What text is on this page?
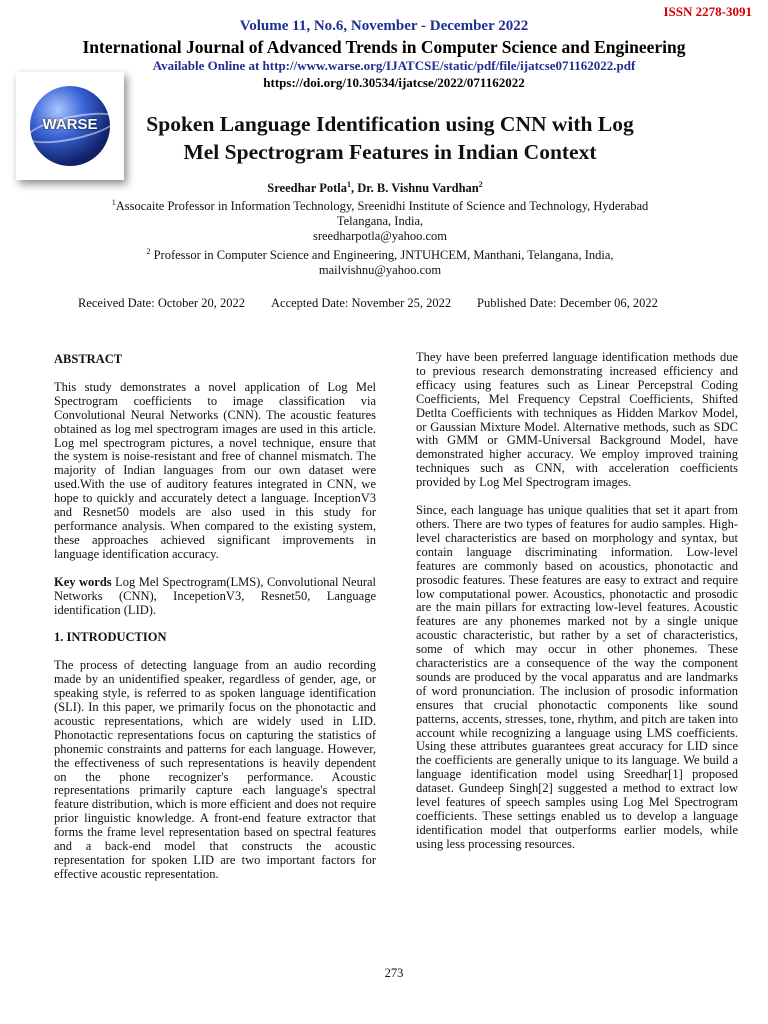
ISSN 2278-3091
Volume 11, No.6, November - December 2022
International Journal of Advanced Trends in Computer Science and Engineering
Available Online at http://www.warse.org/IJATCSE/static/pdf/file/ijatcse071162022.pdf
https://doi.org/10.30534/ijatcse/2022/071162022
WARSE	Spoken Language Identification using CNN with Log
Mel Spectrogram Features in Indian Context
Sreedhar Potla$^1$, Dr. B. Vishnu Vardhan$^2$
$^1$Assocaite Professor in Information Technology, Sreenidhi Institute of Science and Technology, Hyderabad
Telangana, India,
sreedharpotla@yahoo.com
$^2$ Professor in Computer Science and Engineering, JNTUHCEM, Manthani, Telangana, India,
mailvishnu@yahoo.com
Received Date: October 20, 2022 Accepted Date: November 25, 2022 Published Date: December 06, 2022

ABSTRACT

This study demonstrates a novel application of Log Mel Spectrogram coefficients to image classification via Convolutional Neural Networks (CNN). The acoustic features obtained as log mel spectrogram images are used in this article. Log mel spectrogram pictures, a novel technique, ensure that the system is noise-resistant and free of channel mismatch. The majority of Indian languages from our own dataset were used.With the use of auditory features integrated in CNN, we hope to quickly and accurately detect a language. InceptionV3 and Resnet50 models are also used in this study for performance analysis. When compared to the existing system, these approaches achieved significant improvements in language identification accuracy.

Key words Log Mel Spectrogram(LMS), Convolutional Neural Networks (CNN), IncepetionV3, Resnet50, Language identification (LID).

1. INTRODUCTION

The process of detecting language from an audio recording made by an unidentified speaker, regardless of gender, age, or speaking style, is referred to as spoken language identification (SLI). In this paper, we primarily focus on the phonotactic and acoustic representations, which are widely used in LID. Phonotactic representations focus on capturing the statistics of phonemic constraints and patterns for each language. However, the effectiveness of such representations is heavily dependent on the phone recognizer's performance. Acoustic representations primarily capture each language's spectral feature distribution, which is more efficient and does not require prior linguistic knowledge. A front-end feature extractor that forms the frame level representation based on spectral features and a back-end model that constructs the acoustic representation for spoken LID are two important factors for effective acoustic representation.

They have been preferred language identification methods due to previous research demonstrating increased efficiency and efficacy using features such as Linear Percepstral Coding Coefficients, Mel Frequency Cepstral Coefficients, Shifted Detlta Coefficients with techniques as Hidden Markov Model, or Gaussian Mixture Model. Alternative methods, such as SDC with GMM or GMM-Universal Background Model, have demonstrated higher accuracy. We employ improved training techniques such as CNN, with acceleration coefficients provided by Log Mel Spectrogram images.

Since, each language has unique qualities that set it apart from others. There are two types of features for audio samples. High-level characteristics are based on morphology and syntax, but contain language discriminating information. Low-level features are commonly based on acoustics, phonotactic and prosodic features. These features are easy to extract and require low computational power. Acoustics, phonotactic and prosodic are the main pillars for extracting low-level features. Acoustic features are any phonemes marked not by a single unique acoustic characteristic, but rather by a set of characteristics, some of which may occur in other phonemes. These characteristics are a consequence of the way the component sounds are produced by the vocal apparatus and are landmarks of word pronunciation. The inclusion of prosodic information ensures that crucial phonotactic components like sound patterns, accents, stresses, tone, rhythm, and pitch are taken into account while recognizing a language using LMS coefficients. Using these attributes guarantees great accuracy for LID since the coefficients are generally unique to its language. We build a language identification model using Sreedhar[1] proposed dataset. Gundeep Singh[2] suggested a method to extract low level features of speech samples using Log Mel Spectrogram coefficients. These settings enabled us to develop a language identification model that outperforms earlier models, while using less processing resources.

273
